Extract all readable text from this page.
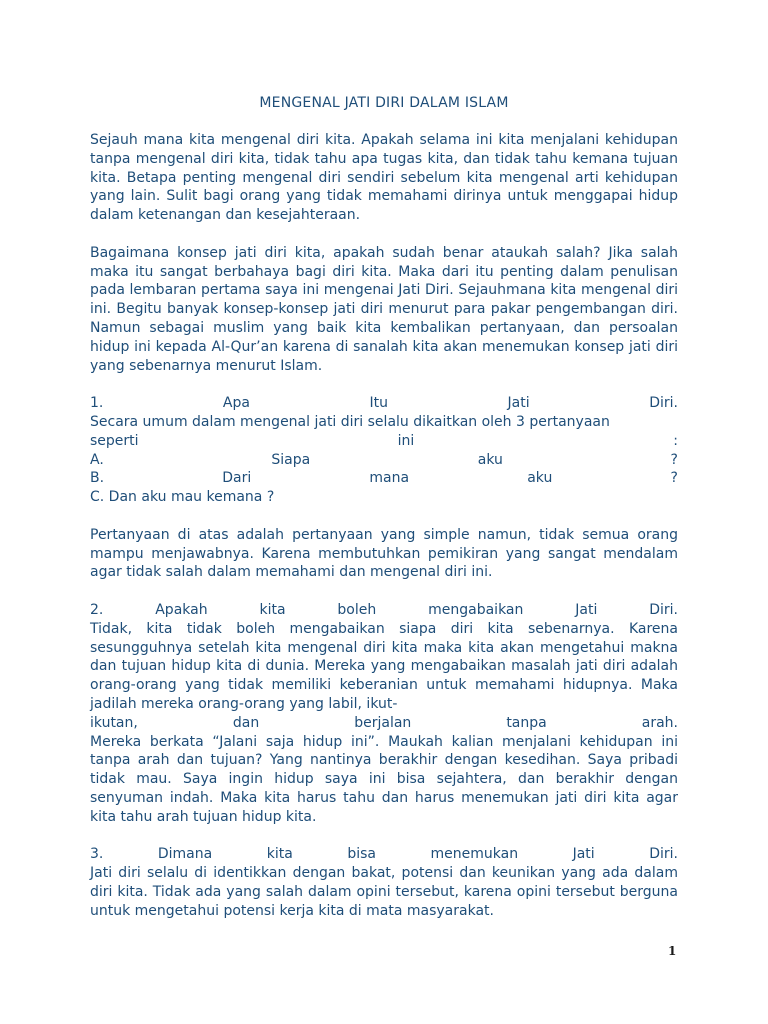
MENGENAL JATI DIRI DALAM ISLAM

Sejauh mana kita mengenal diri kita. Apakah selama ini kita menjalani kehidupan tanpa mengenal diri kita, tidak tahu apa tugas kita, dan tidak tahu kemana tujuan kita. Betapa penting mengenal diri sendiri sebelum kita mengenal arti kehidupan yang lain. Sulit bagi orang yang tidak memahami dirinya untuk menggapai hidup dalam ketenangan dan kesejahteraan.

Bagaimana konsep jati diri kita, apakah sudah benar ataukah salah? Jika salah maka itu sangat berbahaya bagi diri kita. Maka dari itu penting dalam penulisan pada lembaran pertama saya ini mengenai Jati Diri. Sejauhmana kita mengenal diri ini. Begitu banyak konsep-konsep jati diri menurut para pakar pengembangan diri. Namun sebagai muslim yang baik kita kembalikan pertanyaan, dan persoalan hidup ini kepada Al-Qur’an karena di sanalah kita akan menemukan konsep jati diri yang sebenarnya menurut Islam.

1.	Apa	Itu	Jati	Diri.

Secara umum dalam mengenal jati diri selalu dikaitkan oleh 3 pertanyaan

seperti	ini	:
A.	Siapa	aku	?
B.	Dari	mana	aku	?

C. Dan aku mau kemana ?

Pertanyaan di atas adalah pertanyaan yang simple namun, tidak semua orang mampu menjawabnya. Karena membutuhkan pemikiran yang sangat mendalam agar tidak salah dalam memahami dan mengenal diri ini.

2.	Apakah	kita	boleh	mengabaikan	Jati	Diri.

Tidak, kita tidak boleh mengabaikan siapa diri kita sebenarnya. Karena sesungguhnya setelah kita mengenal diri kita maka kita akan mengetahui makna dan tujuan hidup kita di dunia. Mereka yang mengabaikan masalah jati diri adalah orang-orang yang tidak memiliki keberanian untuk memahami hidupnya. Maka jadilah mereka orang-orang yang labil, ikut-

ikutan,	dan	berjalan	tanpa	arah.

Mereka berkata “Jalani saja hidup ini”. Maukah kalian menjalani kehidupan ini tanpa arah dan tujuan? Yang nantinya berakhir dengan kesedihan. Saya pribadi tidak mau. Saya ingin hidup saya ini bisa sejahtera, dan berakhir dengan senyuman indah. Maka kita harus tahu dan harus menemukan jati diri kita agar kita tahu arah tujuan hidup kita.

3.	Dimana	kita	bisa	menemukan	Jati	Diri.

Jati diri selalu di identikkan dengan bakat, potensi dan keunikan yang ada dalam diri kita. Tidak ada yang salah dalam opini tersebut, karena opini tersebut berguna untuk mengetahui potensi kerja kita di mata masyarakat.

1
